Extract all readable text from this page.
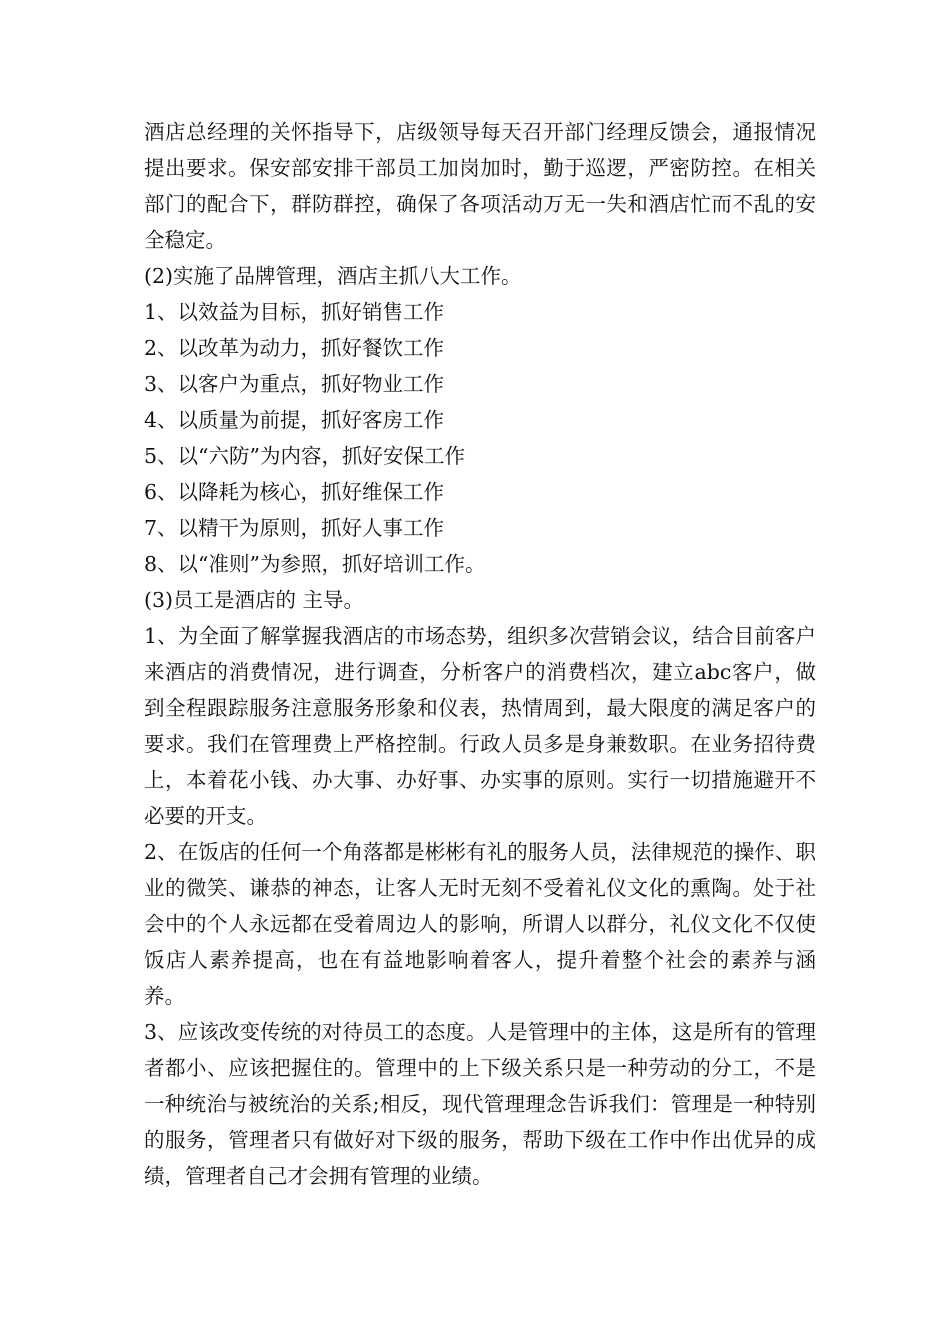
酒店总经理的关怀指导下，店级领导每天召开部门经理反馈会，通报情况提出要求。保安部安排干部员工加岗加时，勤于巡逻，严密防控。在相关部门的配合下，群防群控，确保了各项活动万无一失和酒店忙而不乱的安全稳定。

(2)实施了品牌管理，酒店主抓八大工作。

1、以效益为目标，抓好销售工作

2、以改革为动力，抓好餐饮工作

3、以客户为重点，抓好物业工作

4、以质量为前提，抓好客房工作

5、以“六防”为内容，抓好安保工作

6、以降耗为核心，抓好维保工作

7、以精干为原则，抓好人事工作

8、以“准则”为参照，抓好培训工作。

(3)员工是酒店的 主导。

1、为全面了解掌握我酒店的市场态势，组织多次营销会议，结合目前客户来酒店的消费情况，进行调查，分析客户的消费档次，建立abc客户，做到全程跟踪服务注意服务形象和仪表，热情周到，最大限度的满足客户的要求。我们在管理费上严格控制。行政人员多是身兼数职。在业务招待费上，本着花小钱、办大事、办好事、办实事的原则。实行一切措施避开不必要的开支。

2、在饭店的任何一个角落都是彬彬有礼的服务人员，法律规范的操作、职业的微笑、谦恭的神态，让客人无时无刻不受着礼仪文化的熏陶。处于社会中的个人永远都在受着周边人的影响，所谓人以群分，礼仪文化不仅使饭店人素养提高，也在有益地影响着客人，提升着整个社会的素养与涵养。

3、应该改变传统的对待员工的态度。人是管理中的主体，这是所有的管理者都小、应该把握住的。管理中的上下级关系只是一种劳动的分工，不是一种统治与被统治的关系;相反，现代管理理念告诉我们：管理是一种特别的服务，管理者只有做好对下级的服务，帮助下级在工作中作出优异的成绩，管理者自己才会拥有管理的业绩。
